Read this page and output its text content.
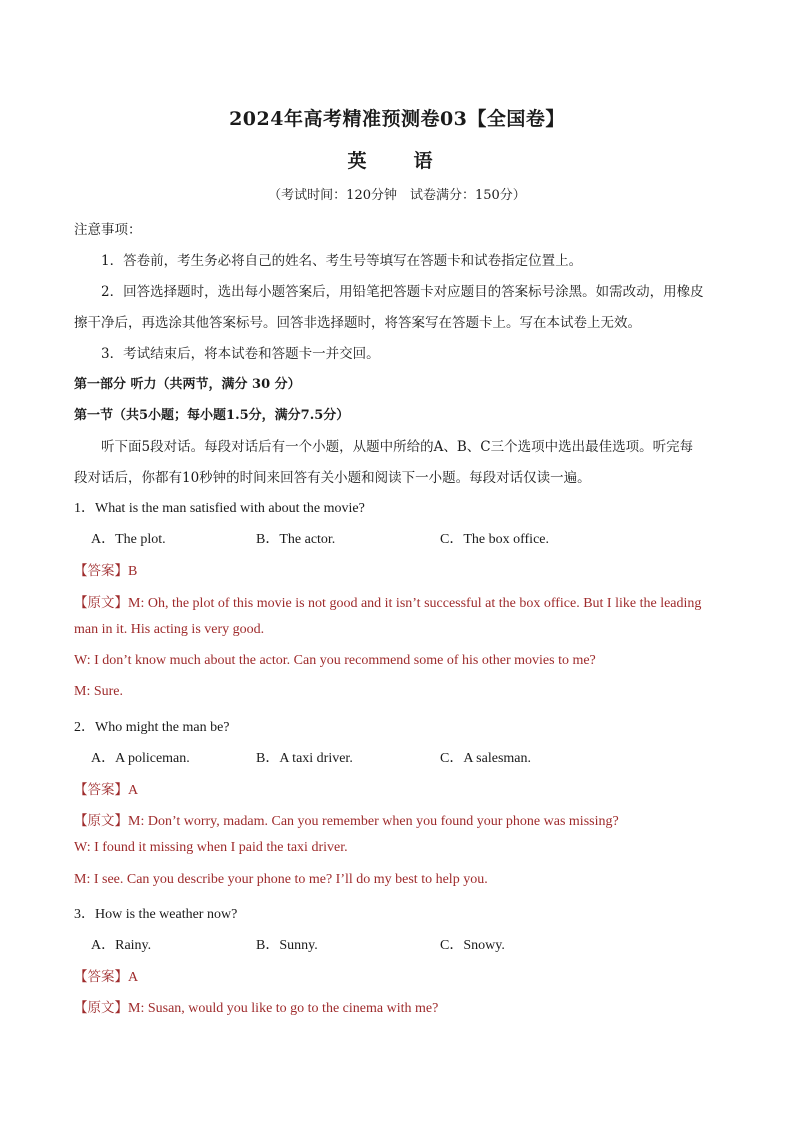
2024年高考精准预测卷03【全国卷】
英　语
（考试时间：120分钟　试卷满分：150分）
注意事项：
1．答卷前，考生务必将自己的姓名、考生号等填写在答题卡和试卷指定位置上。
2．回答选择题时，选出每小题答案后，用铅笔把答题卡对应题目的答案标号涂黑。如需改动，用橡皮
擦干净后，再选涂其他答案标号。回答非选择题时，将答案写在答题卡上。写在本试卷上无效。
3．考试结束后，将本试卷和答题卡一并交回。
第一部分 听力（共两节，满分 30 分）
第一节（共5小题；每小题1.5分，满分7.5分）
听下面5段对话。每段对话后有一个小题，从题中所给的A、B、C三个选项中选出最佳选项。听完每
段对话后，你都有10秒钟的时间来回答有关小题和阅读下一小题。每段对话仅读一遍。
1．What is the man satisfied with about the movie?
A．The plot.	B．The actor.	C．The box office.
【答案】B
【原文】M: Oh, the plot of this movie is not good and it isn’t successful at the box office. But I like the leading
man in it. His acting is very good.
W: I don’t know much about the actor. Can you recommend some of his other movies to me?
M: Sure.
2．Who might the man be?
A．A policeman.	B．A taxi driver.	C．A salesman.
【答案】A
【原文】M: Don’t worry, madam. Can you remember when you found your phone was missing?
W: I found it missing when I paid the taxi driver.
M: I see. Can you describe your phone to me? I’ll do my best to help you.
3．How is the weather now?
A．Rainy.	B．Sunny.	C．Snowy.
【答案】A
【原文】M: Susan, would you like to go to the cinema with me?
